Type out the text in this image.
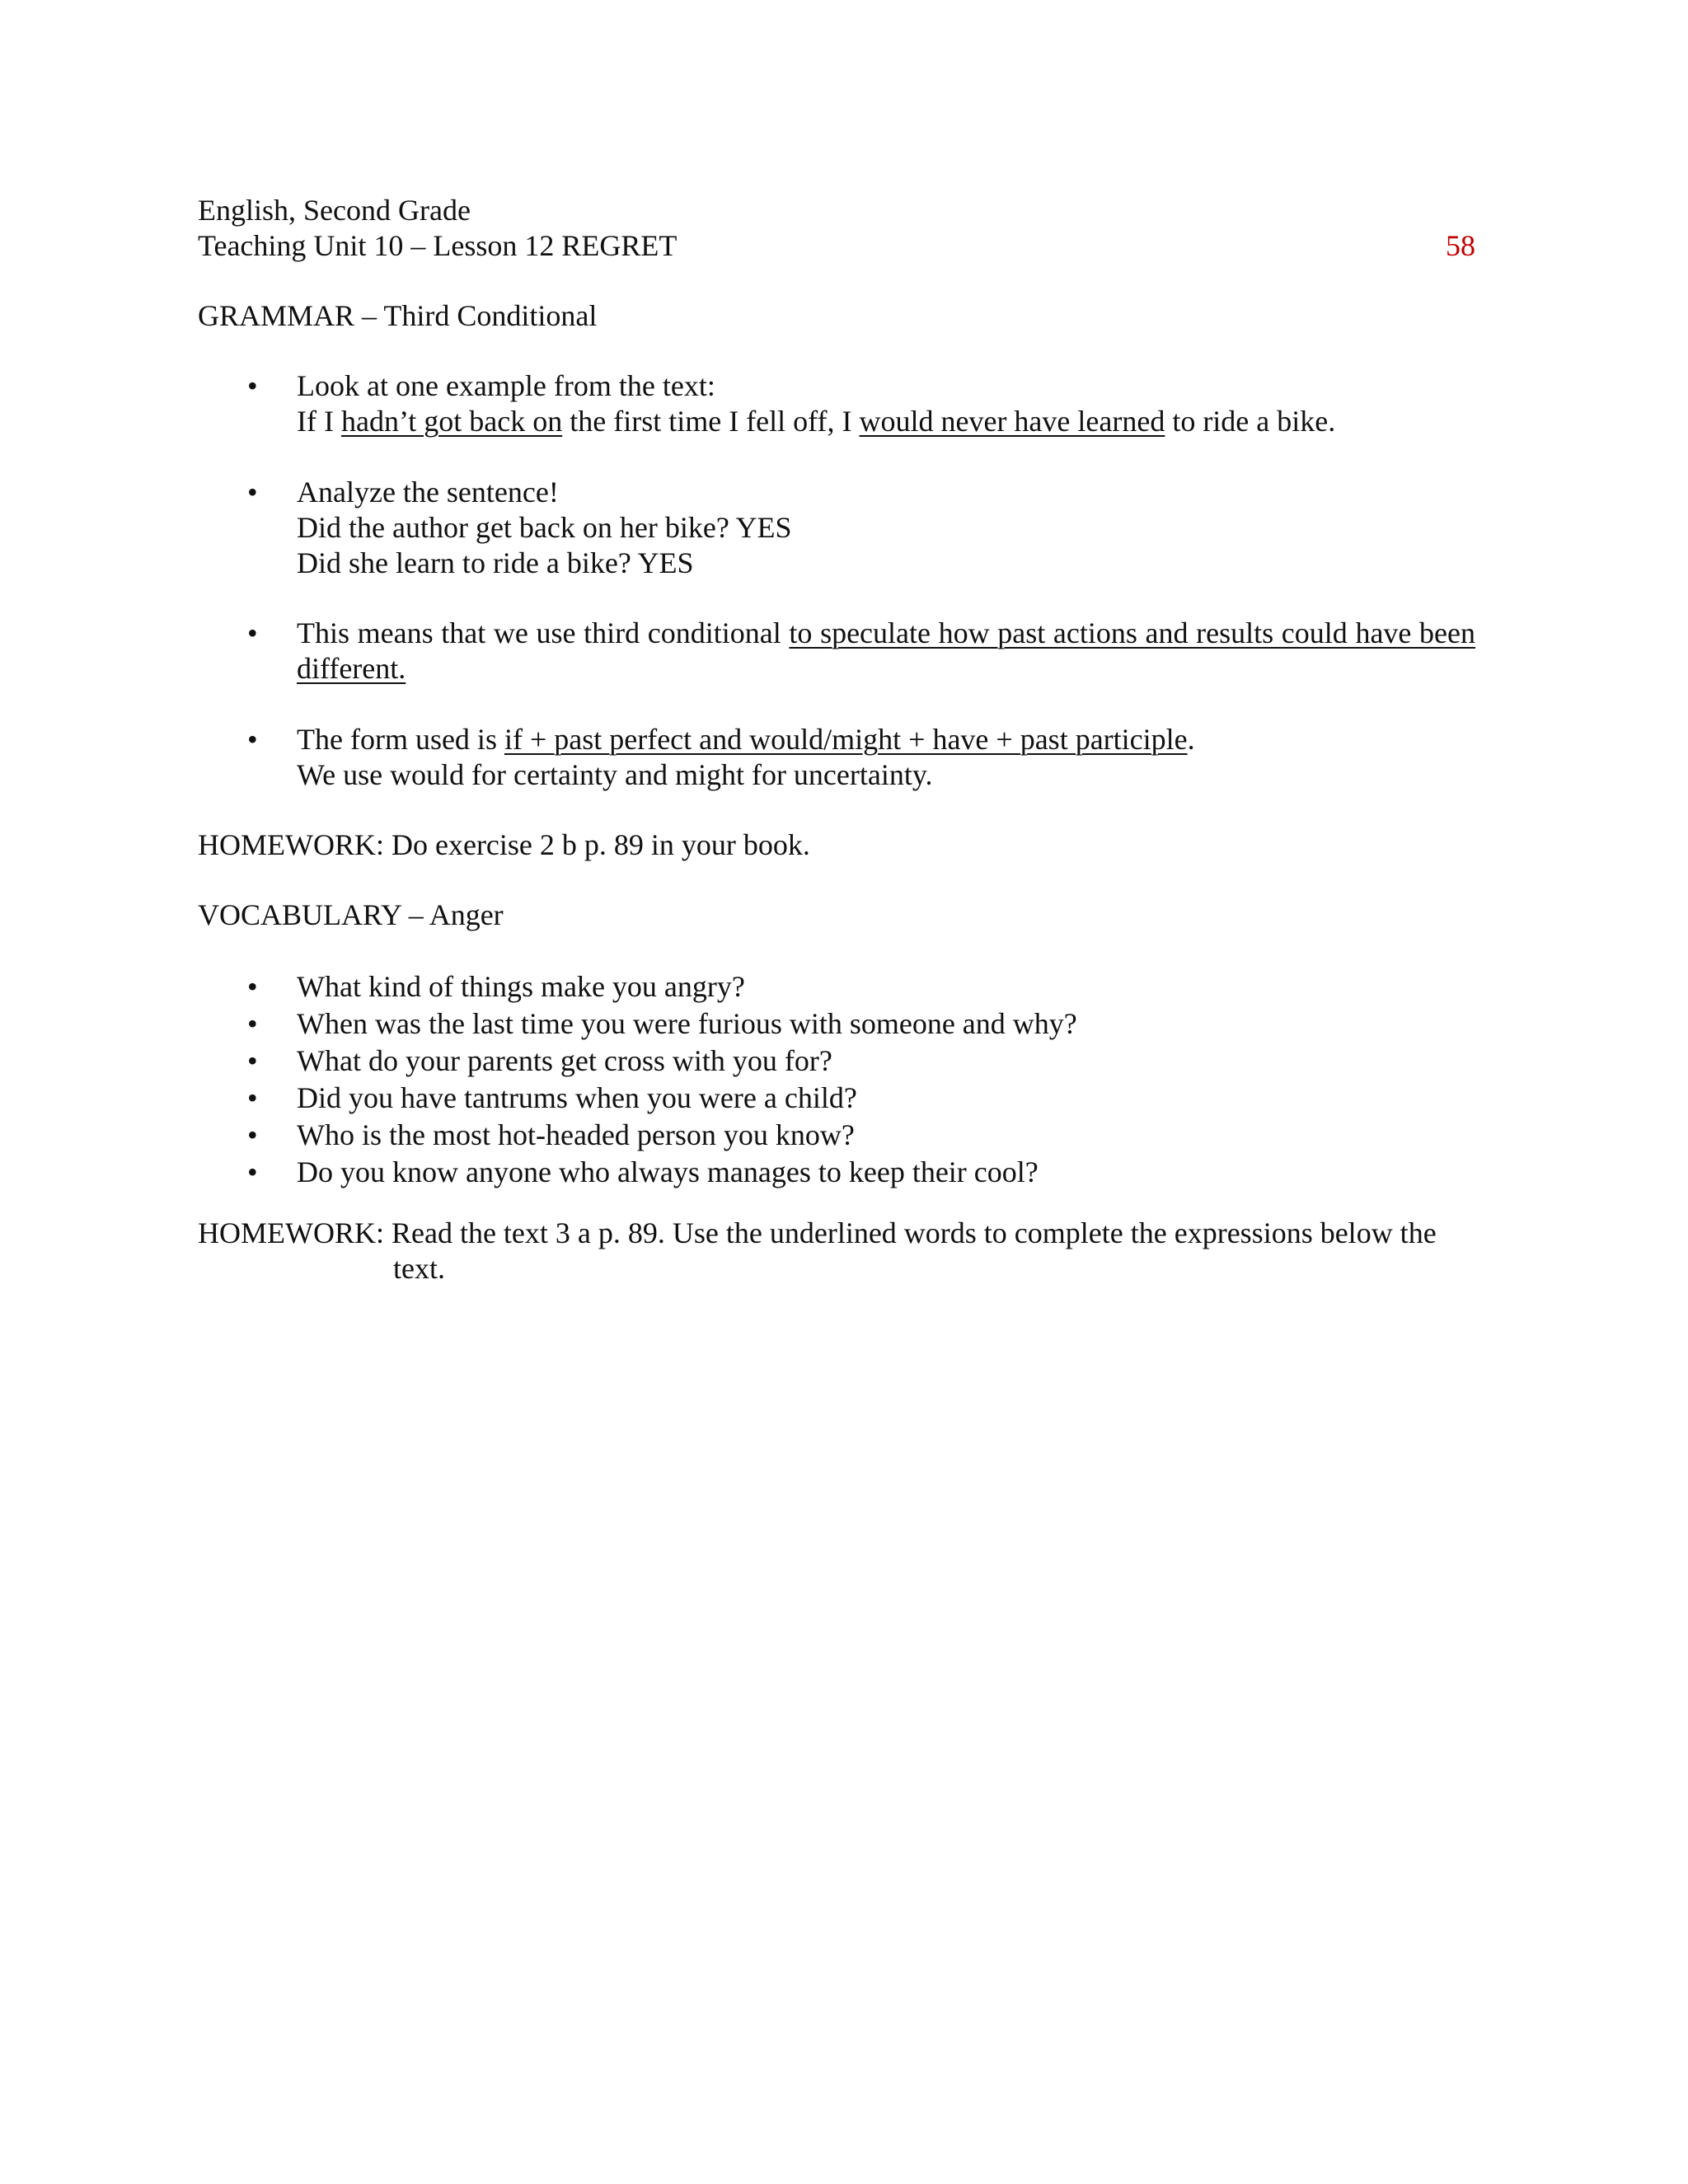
English, Second Grade
Teaching Unit 10 – Lesson 12 REGRET	58
GRAMMAR – Third Conditional
•	Look at one example from the text:
If I hadn’t got back on the first time I fell off, I would never have learned to ride a bike.
•	Analyze the sentence!
Did the author get back on her bike? YES
Did she learn to ride a bike? YES
•	This means that we use third conditional to speculate how past actions and results could have been different.
•	The form used is if + past perfect and would/might + have + past participle.
We use would for certainty and might for uncertainty.
HOMEWORK: Do exercise 2 b p. 89 in your book.
VOCABULARY – Anger
•	What kind of things make you angry?
•	When was the last time you were furious with someone and why?
•	What do your parents get cross with you for?
•	Did you have tantrums when you were a child?
•	Who is the most hot-headed person you know?
•	Do you know anyone who always manages to keep their cool?
HOMEWORK: Read the text 3 a p. 89. Use the underlined words to complete the expressions below the
text.
